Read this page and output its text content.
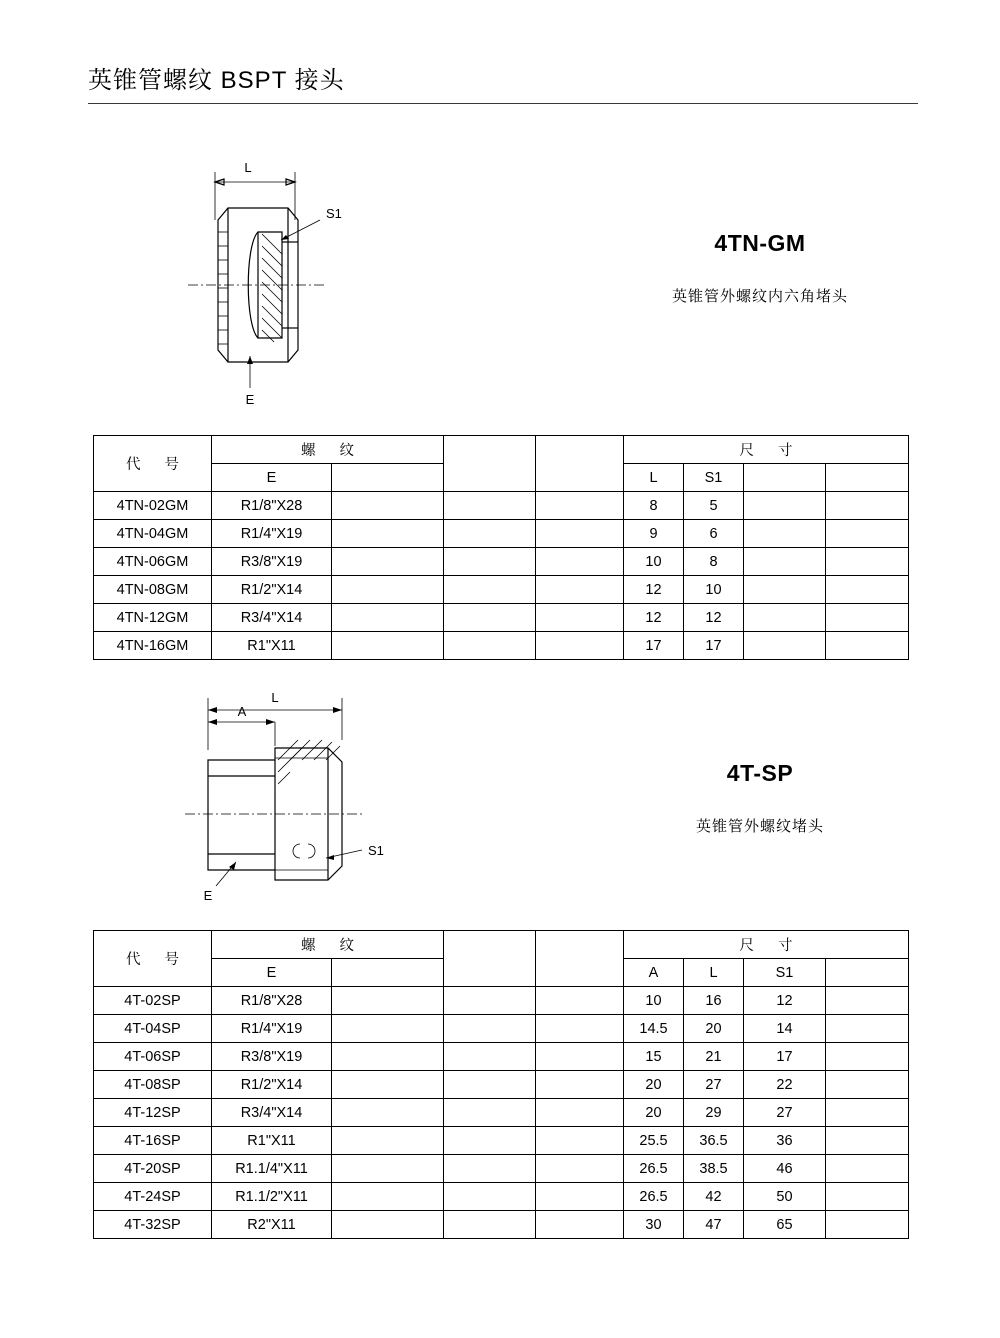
英锥管螺纹 BSPT 接头
L
S1
E
4TN-GM
英锥管外螺纹内六角堵头
代 号	螺 纹				尺 寸			
	E				L	S1		
4TN-02GM	R1/8"X28				8	5		
4TN-04GM	R1/4"X19				9	6		
4TN-06GM	R3/8"X19				10	8		
4TN-08GM	R1/2"X14				12	10		
4TN-12GM	R3/4"X14				12	12		
4TN-16GM	R1"X11				17	17		
L
A
S1
E
4T-SP
英锥管外螺纹堵头
代 号	螺 纹				尺 寸			
	E				A	L	S1	
4T-02SP	R1/8"X28				10	16	12	
4T-04SP	R1/4"X19				14.5	20	14	
4T-06SP	R3/8"X19				15	21	17	
4T-08SP	R1/2"X14				20	27	22	
4T-12SP	R3/4"X14				20	29	27	
4T-16SP	R1"X11				25.5	36.5	36	
4T-20SP	R1.1/4"X11				26.5	38.5	46	
4T-24SP	R1.1/2"X11				26.5	42	50	
4T-32SP	R2"X11				30	47	65	
